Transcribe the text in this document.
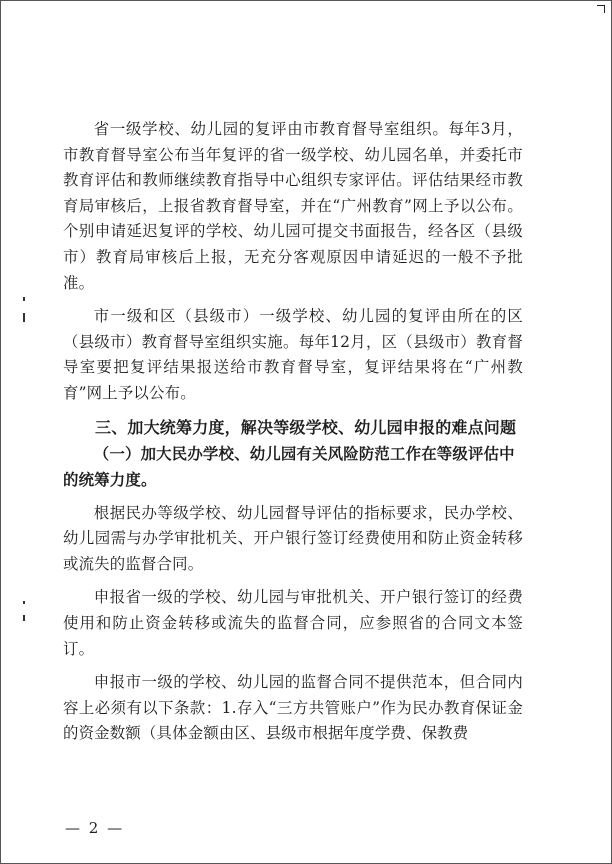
省一级学校、幼儿园的复评由市教育督导室组织。每年3月，市教育督导室公布当年复评的省一级学校、幼儿园名单，并委托市教育评估和教师继续教育指导中心组织专家评估。评估结果经市教育局审核后，上报省教育督导室，并在“广州教育”网上予以公布。个别申请延迟复评的学校、幼儿园可提交书面报告，经各区（县级市）教育局审核后上报，无充分客观原因申请延迟的一般不予批准。

市一级和区（县级市）一级学校、幼儿园的复评由所在的区（县级市）教育督导室组织实施。每年12月，区（县级市）教育督导室要把复评结果报送给市教育督导室，复评结果将在“广州教育”网上予以公布。

三、加大统筹力度，解决等级学校、幼儿园申报的难点问题
（一）加大民办学校、幼儿园有关风险防范工作在等级评估中的统筹力度。

根据民办等级学校、幼儿园督导评估的指标要求，民办学校、幼儿园需与办学审批机关、开户银行签订经费使用和防止资金转移或流失的监督合同。

申报省一级的学校、幼儿园与审批机关、开户银行签订的经费使用和防止资金转移或流失的监督合同，应参照省的合同文本签订。

申报市一级的学校、幼儿园的监督合同不提供范本，但合同内容上必须有以下条款：1.存入“三方共管账户”作为民办教育保证金的资金数额（具体金额由区、县级市根据年度学费、保教费

— 2 —
